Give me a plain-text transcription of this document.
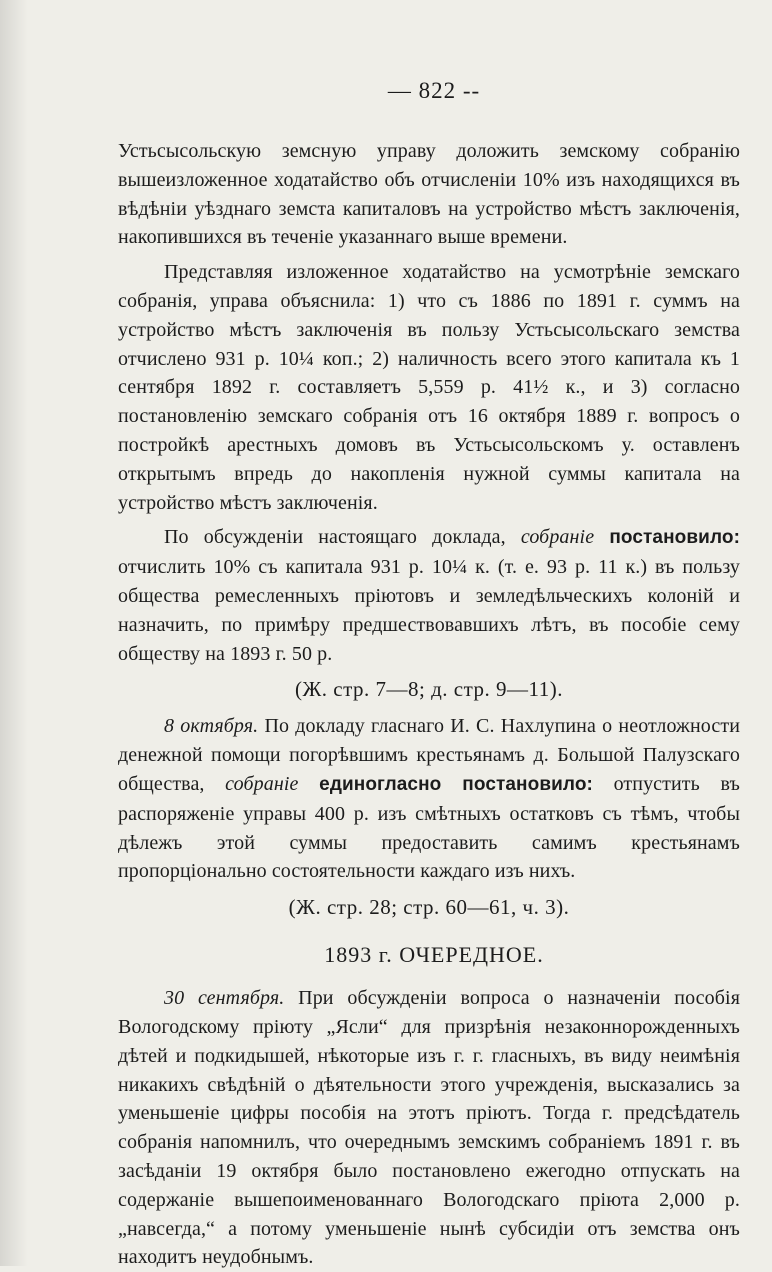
— 822 --

Устьсысольскую земсную управу доложить земскому собранію вышеизложенное ходатайство объ отчисленіи 10% изъ находящихся въ вѣдѣніи уѣзднаго земста капиталовъ на устройство мѣстъ заключенія, накопившихся въ теченіе указаннаго выше времени.

Представляя изложенное ходатайство на усмотрѣніе земскаго собранія, управа объяснила: 1) что съ 1886 по 1891 г. суммъ на устройство мѣстъ заключенія въ пользу Устьсысольскаго земства отчислено 931 р. 10¼ коп.; 2) наличность всего этого капитала къ 1 сентября 1892 г. составляетъ 5,559 р. 41½ к., и 3) согласно постановленію земскаго собранія отъ 16 октября 1889 г. вопросъ о постройкѣ арестныхъ домовъ въ Устьсысольскомъ у. оставленъ открытымъ впредь до накопленія нужной суммы капитала на устройство мѣстъ заключенія.

По обсужденіи настоящаго доклада, собраніе постановило: отчислить 10% съ капитала 931 р. 10¼ к. (т. е. 93 р. 11 к.) въ пользу общества ремесленныхъ пріютовъ и земледѣльческихъ колоній и назначить, по примѣру предшествовавшихъ лѣтъ, въ пособіе сему обществу на 1893 г. 50 р.

(Ж. стр. 7—8; д. стр. 9—11).

8 октября. По докладу гласнаго И. С. Нахлупина о неотложности денежной помощи погорѣвшимъ крестьянамъ д. Большой Палузскаго общества, собраніе единогласно постановило: отпустить въ распоряженіе управы 400 р. изъ смѣтныхъ остатковъ съ тѣмъ, чтобы дѣлежъ этой суммы предоставить самимъ крестьянамъ пропорціонально состоятельности каждаго изъ нихъ.

(Ж. стр. 28; стр. 60—61, ч. 3).
1893 г. ОЧЕРЕДНОЕ.

30 сентября. При обсужденіи вопроса о назначеніи пособія Вологодскому пріюту „Ясли“ для призрѣнія незаконнорожденныхъ дѣтей и подкидышей, нѣкоторые изъ г. г. гласныхъ, въ виду неимѣнія никакихъ свѣдѣній о дѣятельности этого учрежденія, высказались за уменьшеніе цифры пособія на этотъ пріютъ. Тогда г. предсѣдатель собранія напомнилъ, что очереднымъ земскимъ собраніемъ 1891 г. въ засѣданіи 19 октября было постановлено ежегодно отпускать на содержаніе вышепоименованнаго Вологодскаго пріюта 2,000 р. „навсегда,“ а потому уменьшеніе нынѣ субсидіи отъ земства онъ находитъ неудобнымъ.
